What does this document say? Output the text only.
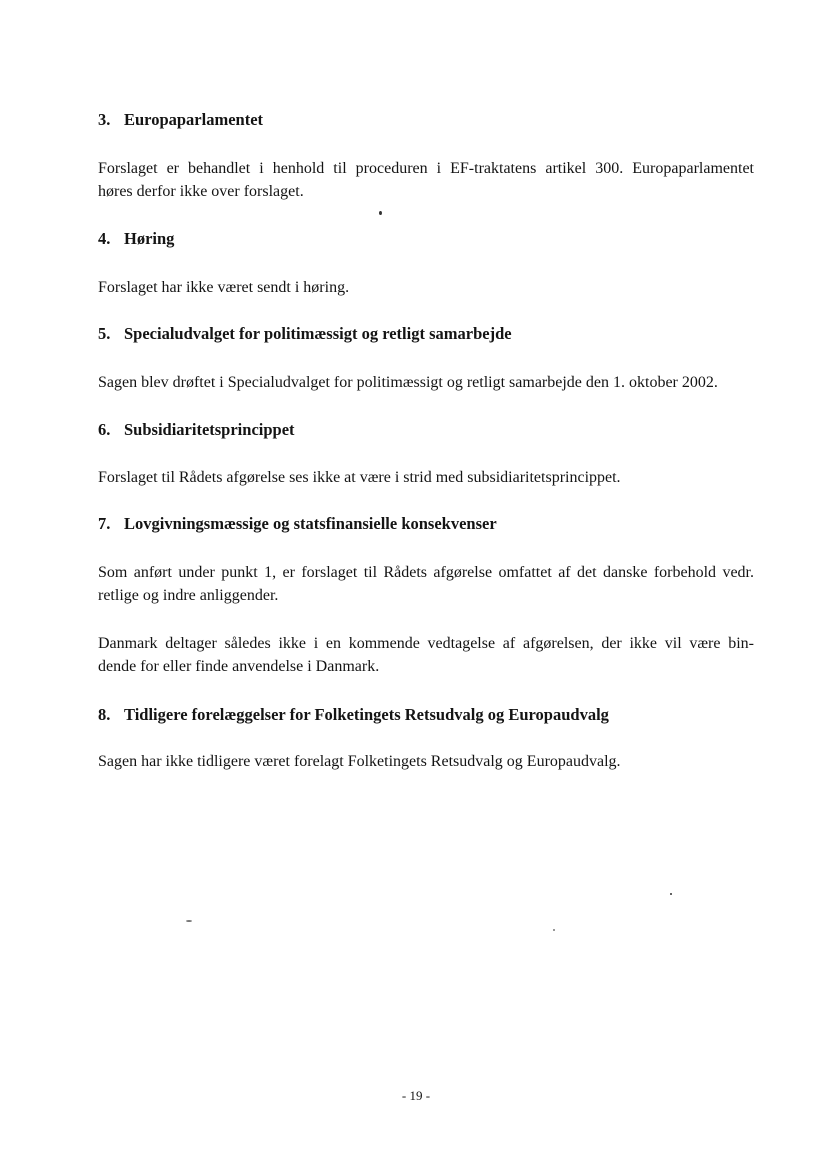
3. Europaparlamentet
Forslaget er behandlet i henhold til proceduren i EF-traktatens artikel 300. Europaparlamentet
høres derfor ikke over forslaget.
4. Høring
Forslaget har ikke været sendt i høring.
5. Specialudvalget for politimæssigt og retligt samarbejde
Sagen blev drøftet i Specialudvalget for politimæssigt og retligt samarbejde den 1. oktober 2002.
6. Subsidiaritetsprincippet
Forslaget til Rådets afgørelse ses ikke at være i strid med subsidiaritetsprincippet.
7. Lovgivningsmæssige og statsfinansielle konsekvenser
Som anført under punkt 1, er forslaget til Rådets afgørelse omfattet af det danske forbehold vedr.
retlige og indre anliggender.
Danmark deltager således ikke i en kommende vedtagelse af afgørelsen, der ikke vil være bin-
dende for eller finde anvendelse i Danmark.
8. Tidligere forelæggelser for Folketingets Retsudvalg og Europaudvalg
Sagen har ikke tidligere været forelagt Folketingets Retsudvalg og Europaudvalg.
- 19 -
